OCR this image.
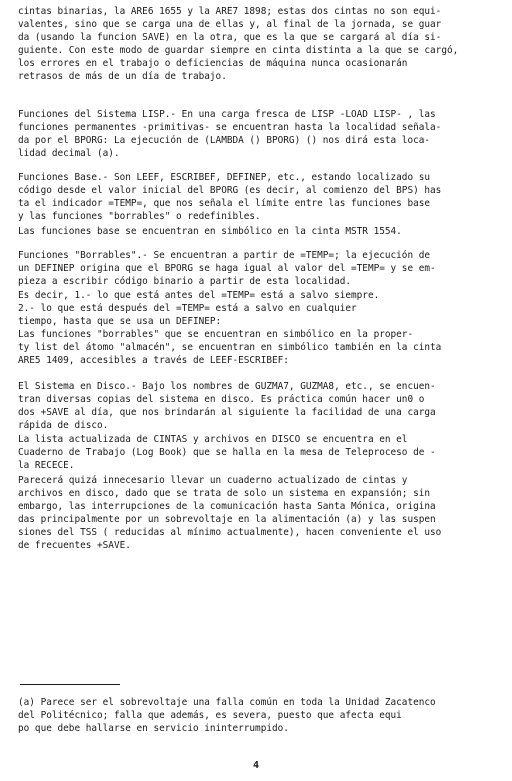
cintas binarias, la ARE6 1655 y la ARE7 1898; estas dos cintas no son equi-
valentes, sino que se carga una de ellas y, al final de la jornada, se guar
da (usando la funcion SAVE) en la otra, que es la que se cargará al día si-
guiente. Con este modo de guardar siempre en cinta distinta a la que se cargó,
los errores en el trabajo o deficiencias de máquina nunca ocasionarán
retrasos de más de un día de trabajo.
Funciones del Sistema LISP.- En una carga fresca de LISP -LOAD LISP- , las
funciones permanentes -primitivas- se encuentran hasta la localidad señala-
da por el BPORG: La ejecución de (LAMBDA () BPORG) () nos dirá esta loca-
lidad decimal (a).
Funciones Base.- Son LEEF, ESCRIBEF, DEFINEP, etc., estando localizado su
código desde el valor inicial del BPORG (es decir, al comienzo del BPS) has
ta el indicador =TEMP=, que nos señala el límite entre las funciones base
y las funciones "borrables" o redefinibles.
Las funciones base se encuentran en simbólico en la cinta MSTR 1554.
Funciones "Borrables".- Se encuentran a partir de =TEMP=; la ejecución de
un DEFINEP origina que el BPORG se haga igual al valor del =TEMP= y se em-
pieza a escribir código binario a partir de esta localidad.
Es decir, 1.- lo que está antes del =TEMP= está a salvo siempre.
2.- lo que está después del =TEMP= está a salvo en cualquier
tiempo, hasta que se usa un DEFINEP:
Las funciones "borrables" que se encuentran en simbólico en la proper-
ty list del átomo "almacén", se encuentran en simbólico también en la cinta
ARE5 1409, accesibles a través de LEEF-ESCRIBEF:
El Sistema en Disco.- Bajo los nombres de GUZMA7, GUZMA8, etc., se encuen-
tran diversas copias del sistema en disco. Es práctica común hacer un0 o
dos +SAVE al día, que nos brindarán al siguiente la facilidad de una carga
rápida de disco.
La lista actualizada de CINTAS y archivos en DISCO se encuentra en el
Cuaderno de Trabajo (Log Book) que se halla en la mesa de Teleproceso de -
la RECECE.
Parecerá quizá innecesario llevar un cuaderno actualizado de cintas y
archivos en disco, dado que se trata de solo un sistema en expansión; sin
embargo, las interrupciones de la comunicación hasta Santa Mónica, origina
das principalmente por un sobrevoltaje en la alimentación (a) y las suspen
siones del TSS ( reducidas al mínimo actualmente), hacen conveniente el uso
de frecuentes +SAVE.
(a) Parece ser el sobrevoltaje una falla común en toda la Unidad Zacatenco
del Politécnico; falla que además, es severa, puesto que afecta equi
po que debe hallarse en servicio ininterrumpido.
4
